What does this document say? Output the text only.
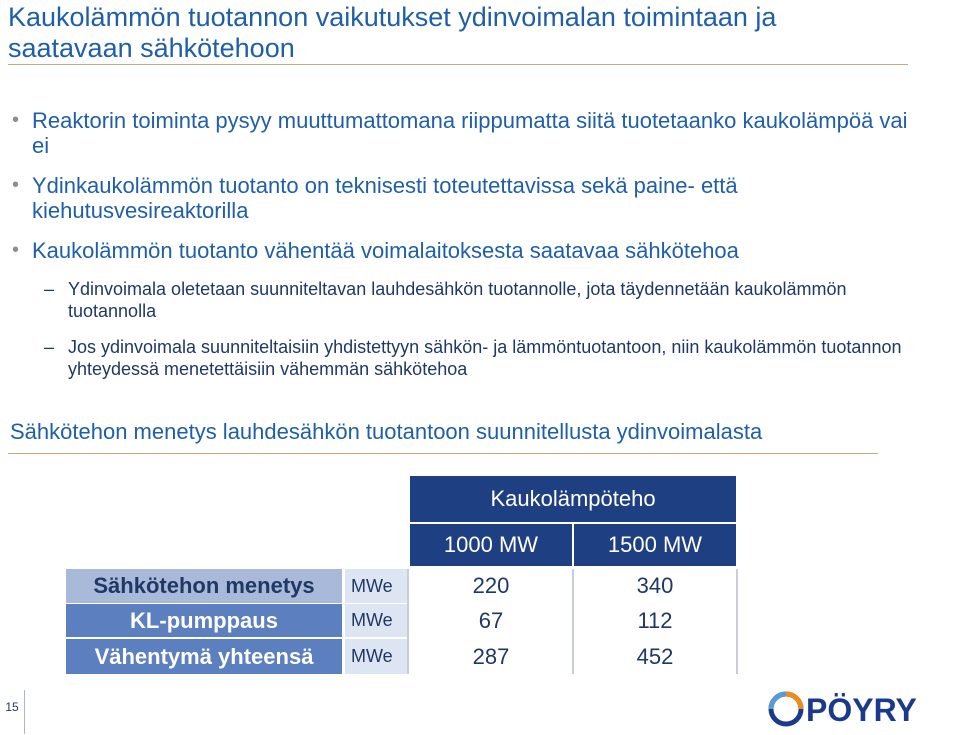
Kaukolämmön tuotannon vaikutukset ydinvoimalan toimintaan ja saatavaan sähkötehoon
• Reaktorin toiminta pysyy muuttumattomana riippumatta siitä tuotetaanko kaukolämpöä vai ei
• Ydinkaukolämmön tuotanto on teknisesti toteutettavissa sekä paine- että kiehutusvesireaktorilla
• Kaukolämmön tuotanto vähentää voimalaitoksesta saatavaa sähkötehoa
– Ydinvoimala oletetaan suunniteltavan lauhdesähkön tuotannolle, jota täydennetään kaukolämmön tuotannolla
– Jos ydinvoimala suunniteltaisiin yhdistettyyn sähkön- ja lämmöntuotantoon, niin kaukolämmön tuotannon yhteydessä menetettäisiin vähemmän sähkötehoa
Sähkötehon menetys lauhdesähkön tuotantoon suunnitellusta ydinvoimalasta
Kaukolämpöteho
1000 MW	1500 MW
Sähkötehon menetys	MWe	220	340
KL-pumppaus	MWe	67	112
Vähentymä yhteensä	MWe	287	452
15	PÖYRY
